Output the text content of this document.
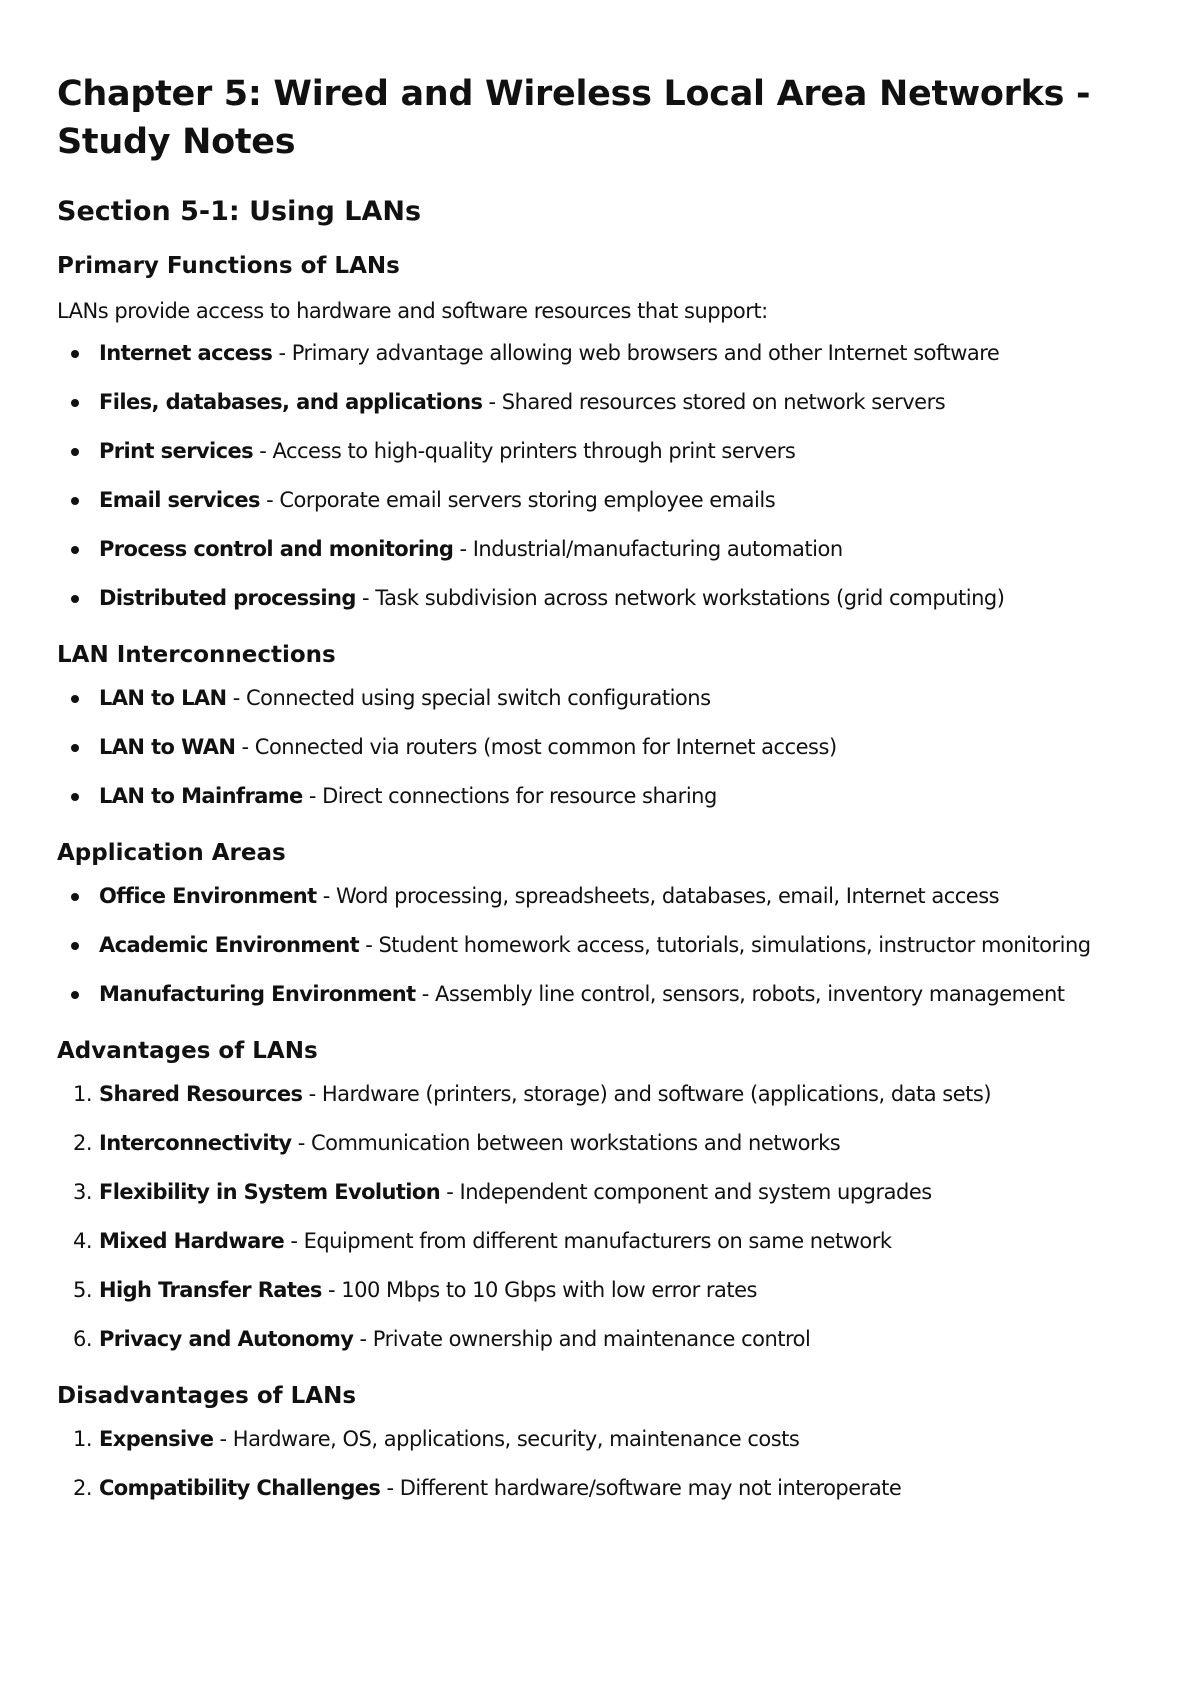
Chapter 5: Wired and Wireless Local Area Networks - Study Notes
Section 5-1: Using LANs
Primary Functions of LANs

LANs provide access to hardware and software resources that support:

Internet access - Primary advantage allowing web browsers and other Internet software
Files, databases, and applications - Shared resources stored on network servers
Print services - Access to high-quality printers through print servers
Email services - Corporate email servers storing employee emails
Process control and monitoring - Industrial/manufacturing automation
Distributed processing - Task subdivision across network workstations (grid computing)
LAN Interconnections
LAN to LAN - Connected using special switch configurations
LAN to WAN - Connected via routers (most common for Internet access)
LAN to Mainframe - Direct connections for resource sharing
Application Areas
Office Environment - Word processing, spreadsheets, databases, email, Internet access
Academic Environment - Student homework access, tutorials, simulations, instructor monitoring
Manufacturing Environment - Assembly line control, sensors, robots, inventory management
Advantages of LANs
1. Shared Resources - Hardware (printers, storage) and software (applications, data sets)
2. Interconnectivity - Communication between workstations and networks
3. Flexibility in System Evolution - Independent component and system upgrades
4. Mixed Hardware - Equipment from different manufacturers on same network
5. High Transfer Rates - 100 Mbps to 10 Gbps with low error rates
6. Privacy and Autonomy - Private ownership and maintenance control
Disadvantages of LANs
1. Expensive - Hardware, OS, applications, security, maintenance costs
2. Compatibility Challenges - Different hardware/software may not interoperate
